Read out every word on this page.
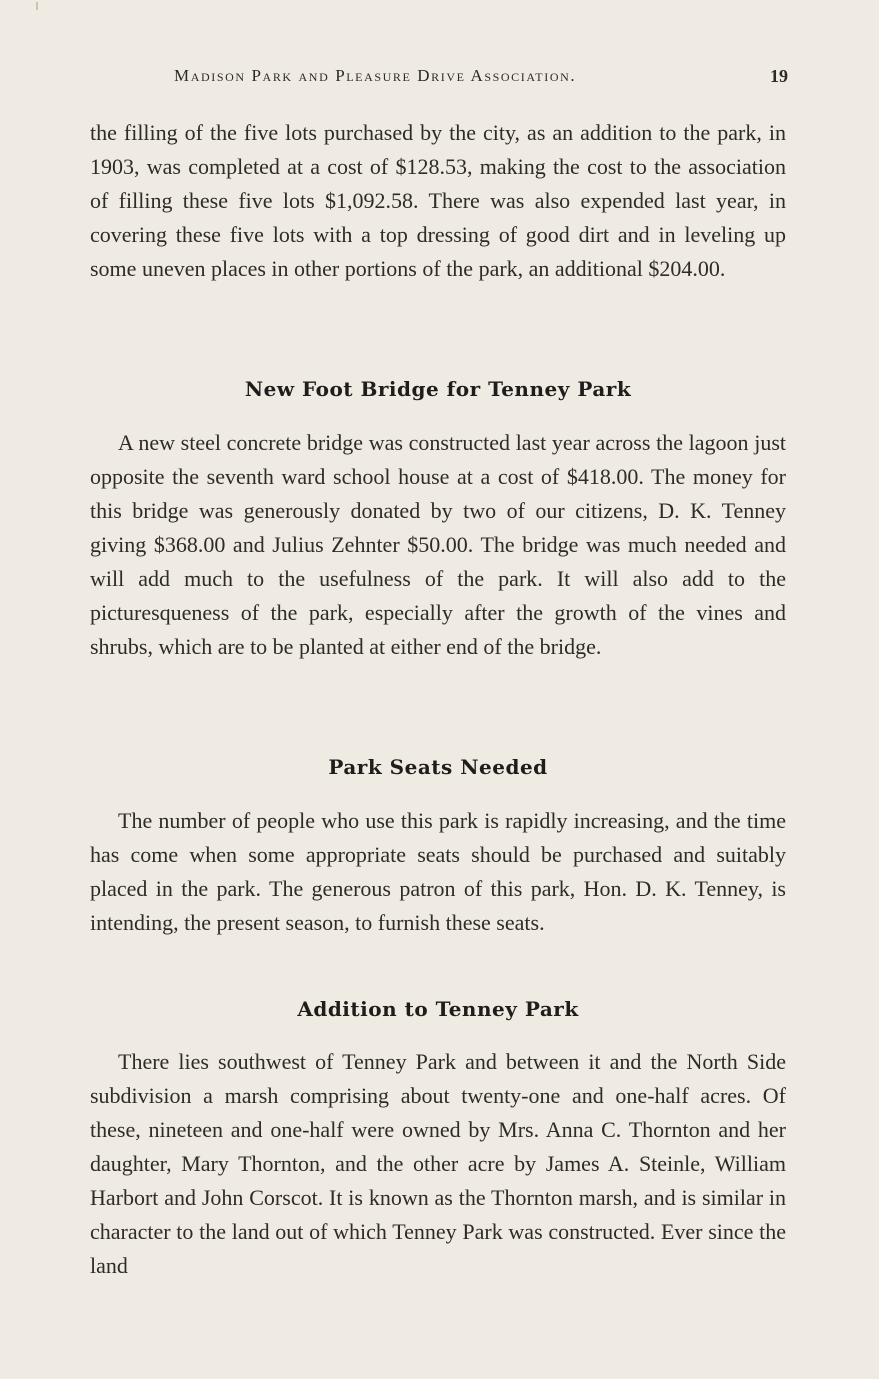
Madison Park and Pleasure Drive Association.	19

the filling of the five lots purchased by the city, as an addition to the park, in 1903, was completed at a cost of $128.53, making the cost to the association of filling these five lots $1,092.58. There was also expended last year, in covering these five lots with a top dressing of good dirt and in leveling up some uneven places in other portions of the park, an additional $204.00.

New Foot Bridge for Tenney Park

A new steel concrete bridge was constructed last year across the lagoon just opposite the seventh ward school house at a cost of $418.00. The money for this bridge was generously donated by two of our citizens, D. K. Tenney giving $368.00 and Julius Zehnter $50.00. The bridge was much needed and will add much to the usefulness of the park. It will also add to the picturesqueness of the park, especially after the growth of the vines and shrubs, which are to be planted at either end of the bridge.

Park Seats Needed

The number of people who use this park is rapidly increasing, and the time has come when some appropriate seats should be purchased and suitably placed in the park. The generous patron of this park, Hon. D. K. Tenney, is intending, the present season, to furnish these seats.

Addition to Tenney Park

There lies southwest of Tenney Park and between it and the North Side subdivision a marsh comprising about twenty-one and one-half acres. Of these, nineteen and one-half were owned by Mrs. Anna C. Thornton and her daughter, Mary Thornton, and the other acre by James A. Steinle, William Harbort and John Corscot. It is known as the Thornton marsh, and is similar in character to the land out of which Tenney Park was constructed. Ever since the land
